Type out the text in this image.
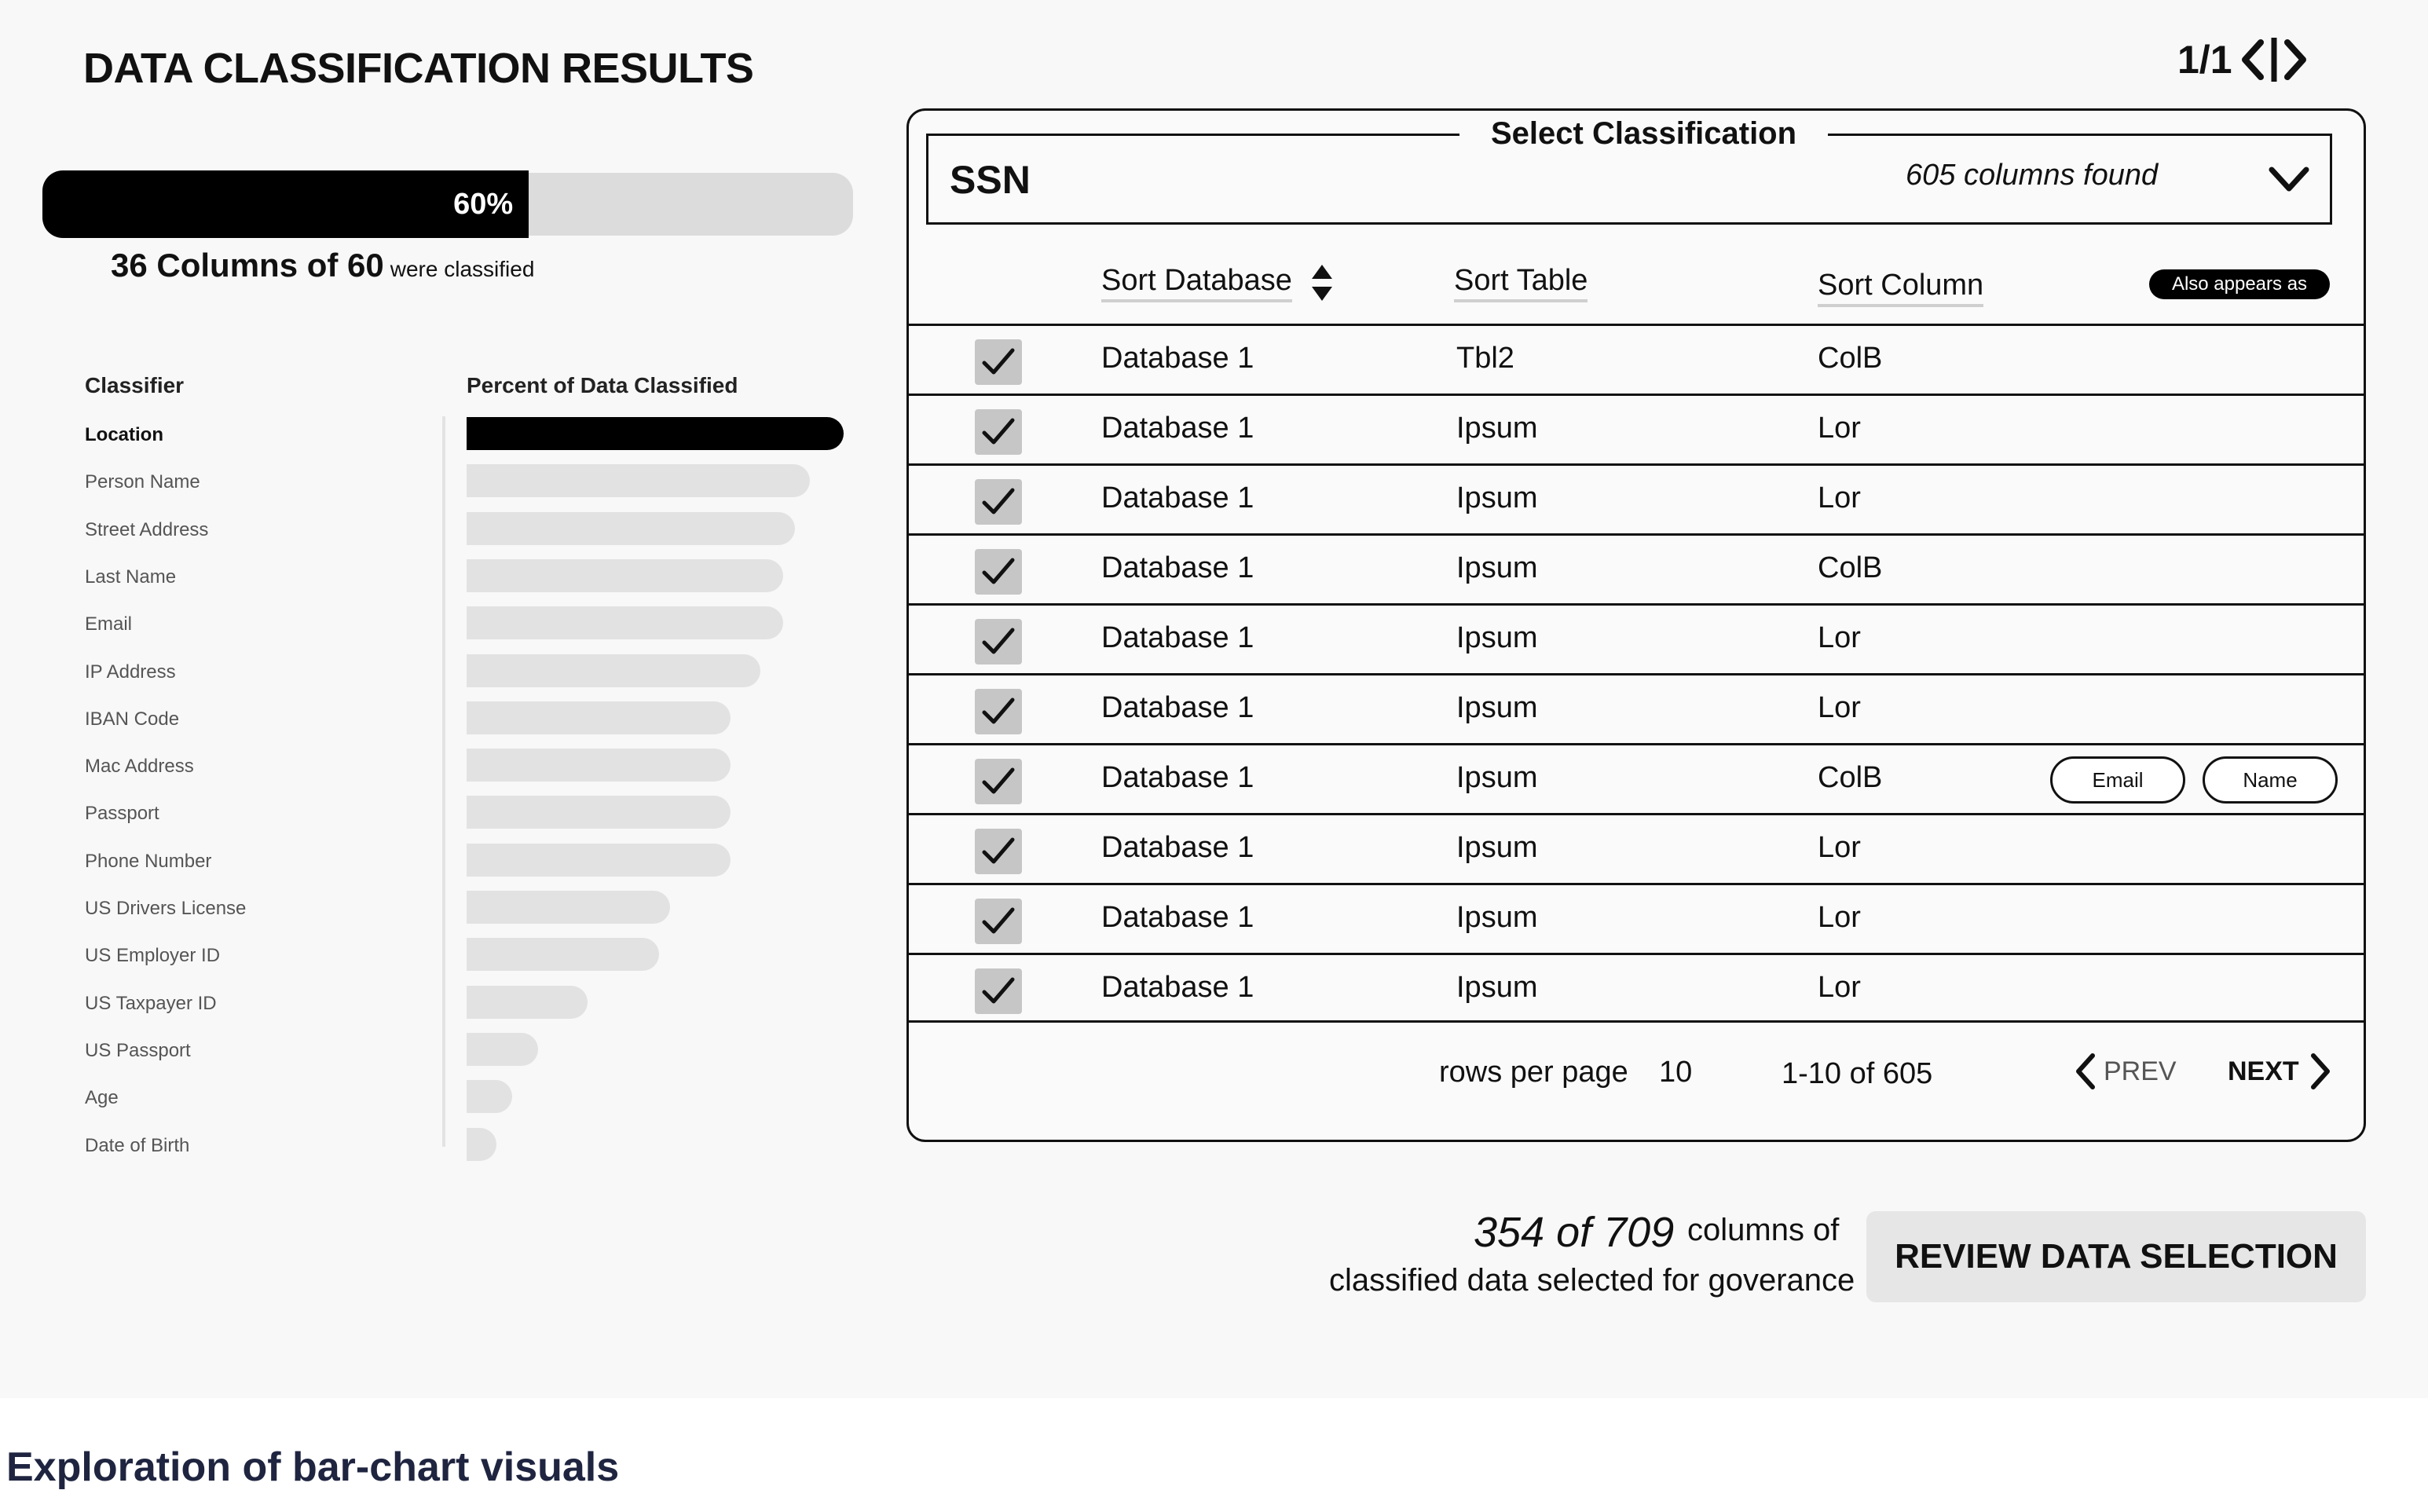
DATA CLASSIFICATION RESULTS	1/1
60%
36 Columns of 60 were classified
Classifier	Percent of Data Classified
Location
Person Name
Street Address
Last Name
Email
IP Address
IBAN Code
Mac Address
Passport
Phone Number
US Drivers License
US Employer ID
US Taxpayer ID
US Passport
Age
Date of Birth
Select Classification
SSN	605 columns found
Sort Database	Sort Table	Sort Column	Also appears as
Database 1	Tbl2	ColB
Database 1	Ipsum	Lor
Database 1	Ipsum	Lor
Database 1	Ipsum	ColB
Database 1	Ipsum	Lor
Database 1	Ipsum	Lor
Database 1	Ipsum	ColB	Email	Name
Database 1	Ipsum	Lor
Database 1	Ipsum	Lor
Database 1	Ipsum	Lor
rows per page 10	1-10 of 605	PREV NEXT
354 of 709 columns of
classified data selected for goverance
REVIEW DATA SELECTION
Exploration of bar-chart visuals
